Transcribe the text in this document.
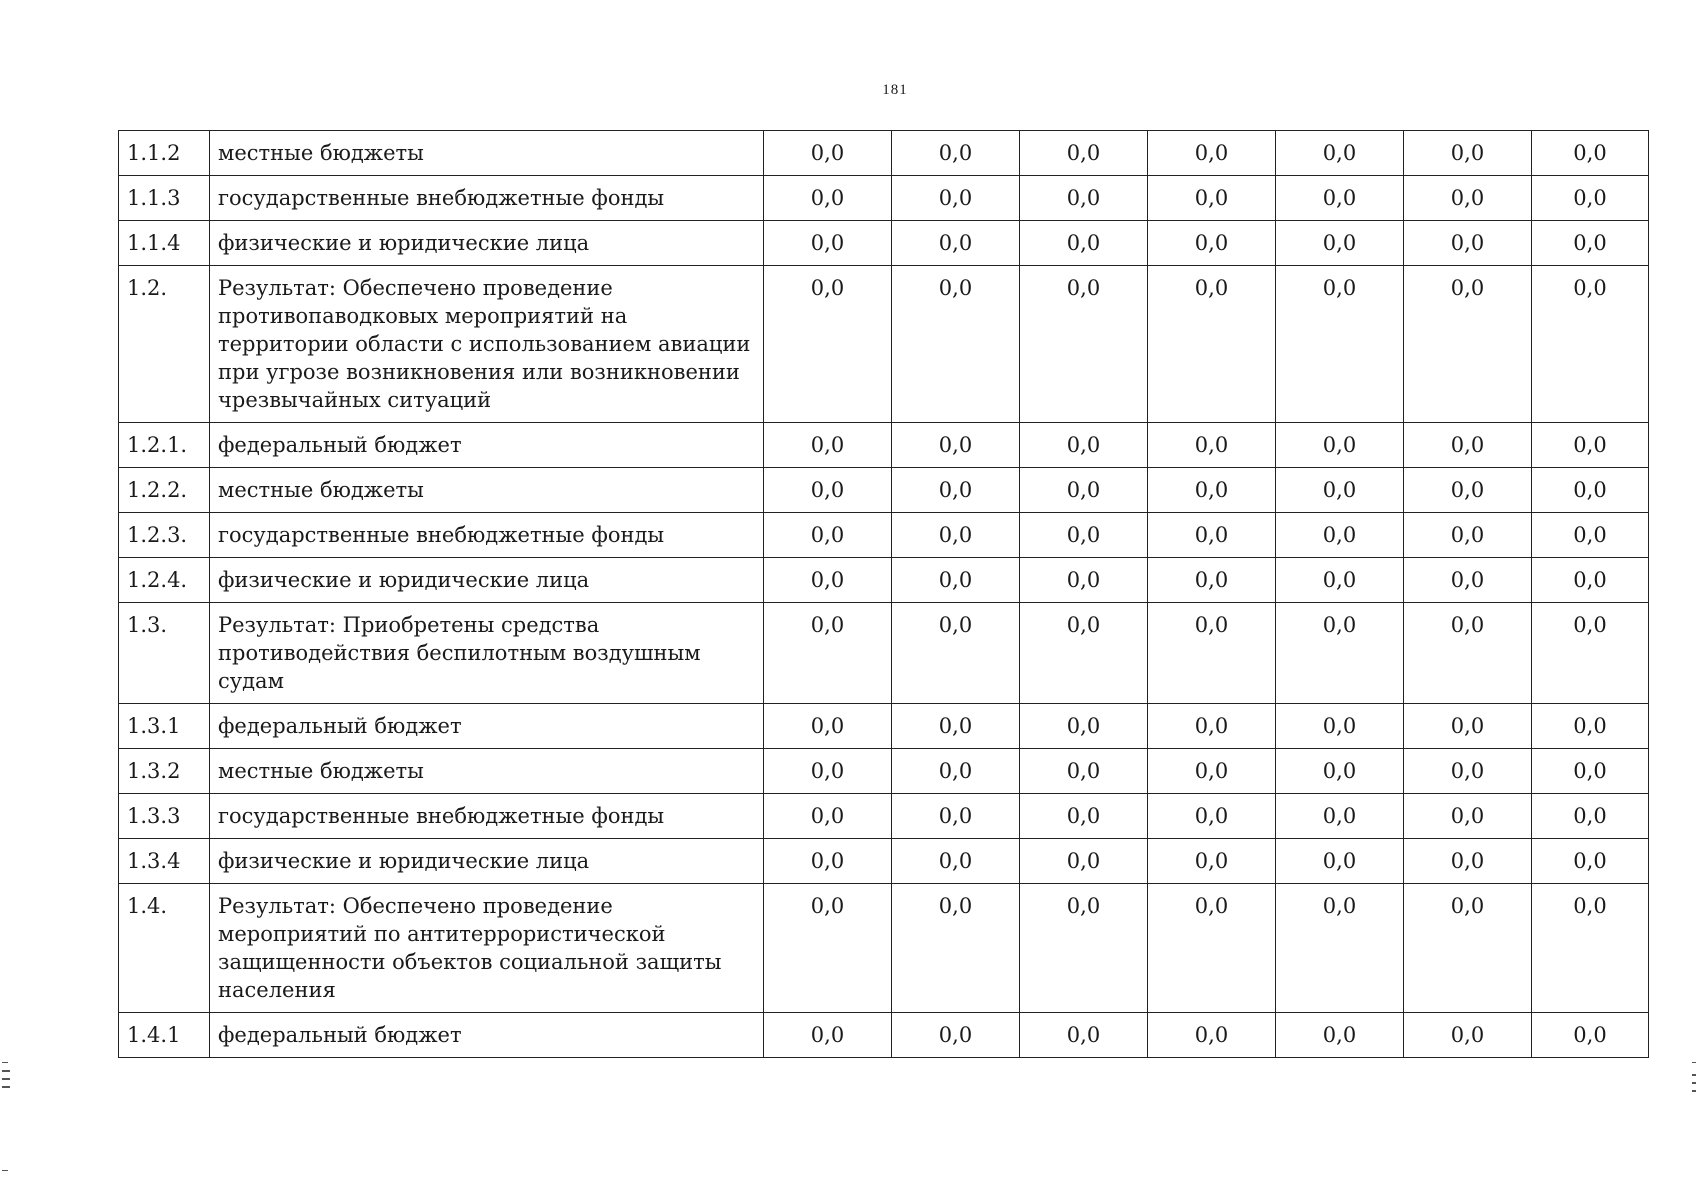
181
1.1.2	местные бюджеты	0,0	0,0	0,0	0,0	0,0	0,0	0,0
1.1.3	государственные внебюджетные фонды	0,0	0,0	0,0	0,0	0,0	0,0	0,0
1.1.4	физические и юридические лица	0,0	0,0	0,0	0,0	0,0	0,0	0,0
1.2.	Результат: Обеспечено проведение противопаводковых мероприятий на территории области с использованием авиации при угрозе возникновения или возникновении чрезвычайных ситуаций	0,0	0,0	0,0	0,0	0,0	0,0	0,0
1.2.1.	федеральный бюджет	0,0	0,0	0,0	0,0	0,0	0,0	0,0
1.2.2.	местные бюджеты	0,0	0,0	0,0	0,0	0,0	0,0	0,0
1.2.3.	государственные внебюджетные фонды	0,0	0,0	0,0	0,0	0,0	0,0	0,0
1.2.4.	физические и юридические лица	0,0	0,0	0,0	0,0	0,0	0,0	0,0
1.3.	Результат: Приобретены средства противодействия беспилотным воздушным судам	0,0	0,0	0,0	0,0	0,0	0,0	0,0
1.3.1	федеральный бюджет	0,0	0,0	0,0	0,0	0,0	0,0	0,0
1.3.2	местные бюджеты	0,0	0,0	0,0	0,0	0,0	0,0	0,0
1.3.3	государственные внебюджетные фонды	0,0	0,0	0,0	0,0	0,0	0,0	0,0
1.3.4	физические и юридические лица	0,0	0,0	0,0	0,0	0,0	0,0	0,0
1.4.	Результат: Обеспечено проведение мероприятий по антитеррористической защищенности объектов социальной защиты населения	0,0	0,0	0,0	0,0	0,0	0,0	0,0
1.4.1	федеральный бюджет	0,0	0,0	0,0	0,0	0,0	0,0	0,0
